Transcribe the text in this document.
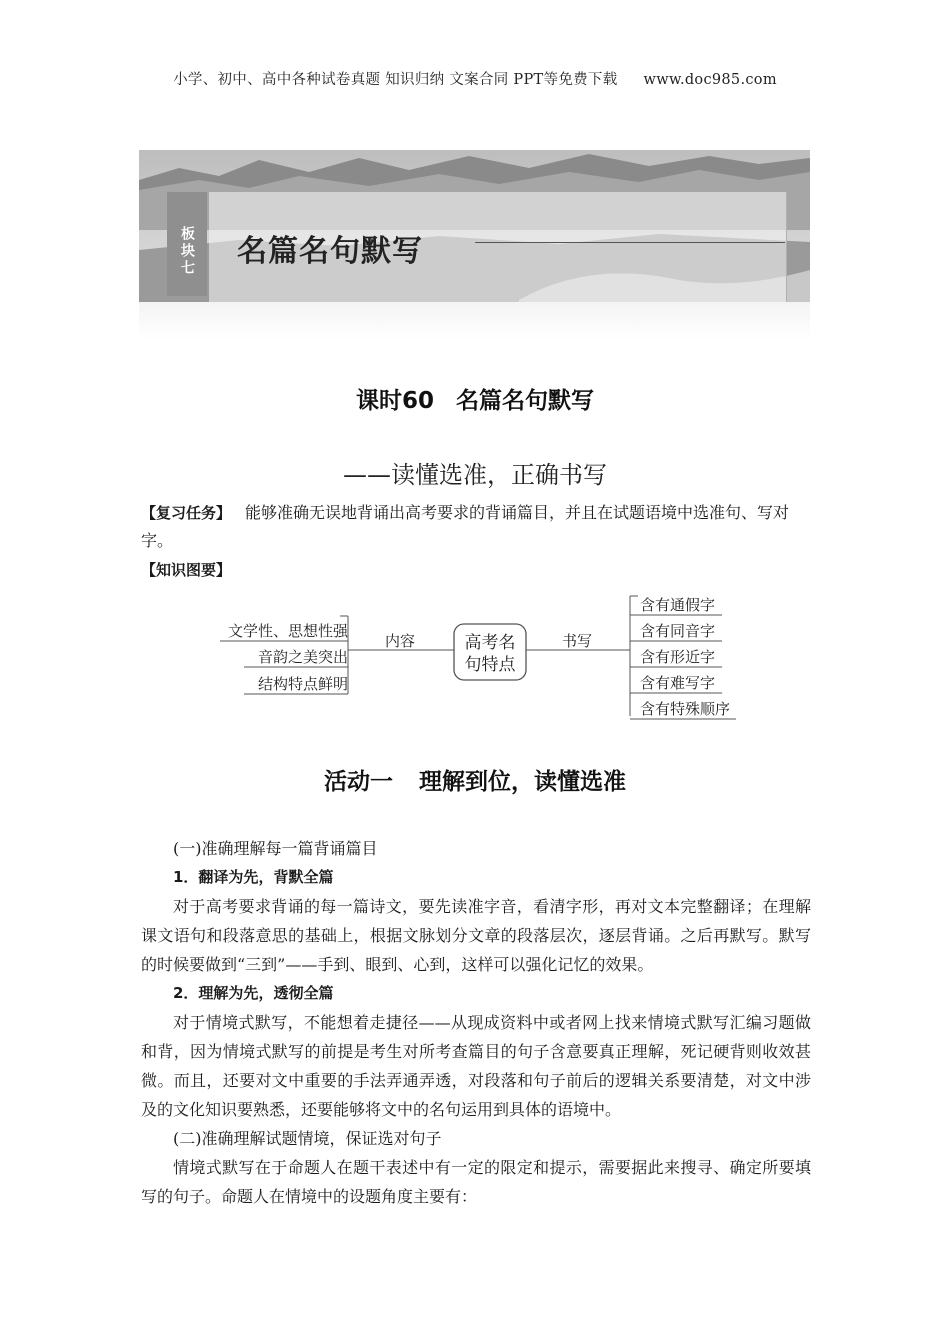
小学、初中、高中各种试卷真题 知识归纳 文案合同 PPT等免费下载 www.doc985.com
板块七	名篇名句默写
课时60 名篇名句默写
——读懂选准，正确书写
【复习任务】 能够准确无误地背诵出高考要求的背诵篇目，并且在试题语境中选准句、写对字。
【知识图要】
文学性、思想性强
音韵之美突出
结构特点鲜明
内容	高考名
句特点
书写
含有通假字
含有同音字
含有形近字
含有难写字
含有特殊顺序
活动一 理解到位，读懂选准

(一)准确理解每一篇背诵篇目

1．翻译为先，背默全篇

对于高考要求背诵的每一篇诗文，要先读准字音，看清字形，再对文本完整翻译；在理解课文语句和段落意思的基础上，根据文脉划分文章的段落层次，逐层背诵。之后再默写。默写的时候要做到“三到”——手到、眼到、心到，这样可以强化记忆的效果。

2．理解为先，透彻全篇

对于情境式默写，不能想着走捷径——从现成资料中或者网上找来情境式默写汇编习题做和背，因为情境式默写的前提是考生对所考查篇目的句子含意要真正理解，死记硬背则收效甚微。而且，还要对文中重要的手法弄通弄透，对段落和句子前后的逻辑关系要清楚，对文中涉及的文化知识要熟悉，还要能够将文中的名句运用到具体的语境中。

(二)准确理解试题情境，保证选对句子

情境式默写在于命题人在题干表述中有一定的限定和提示，需要据此来搜寻、确定所要填写的句子。命题人在情境中的设题角度主要有：
